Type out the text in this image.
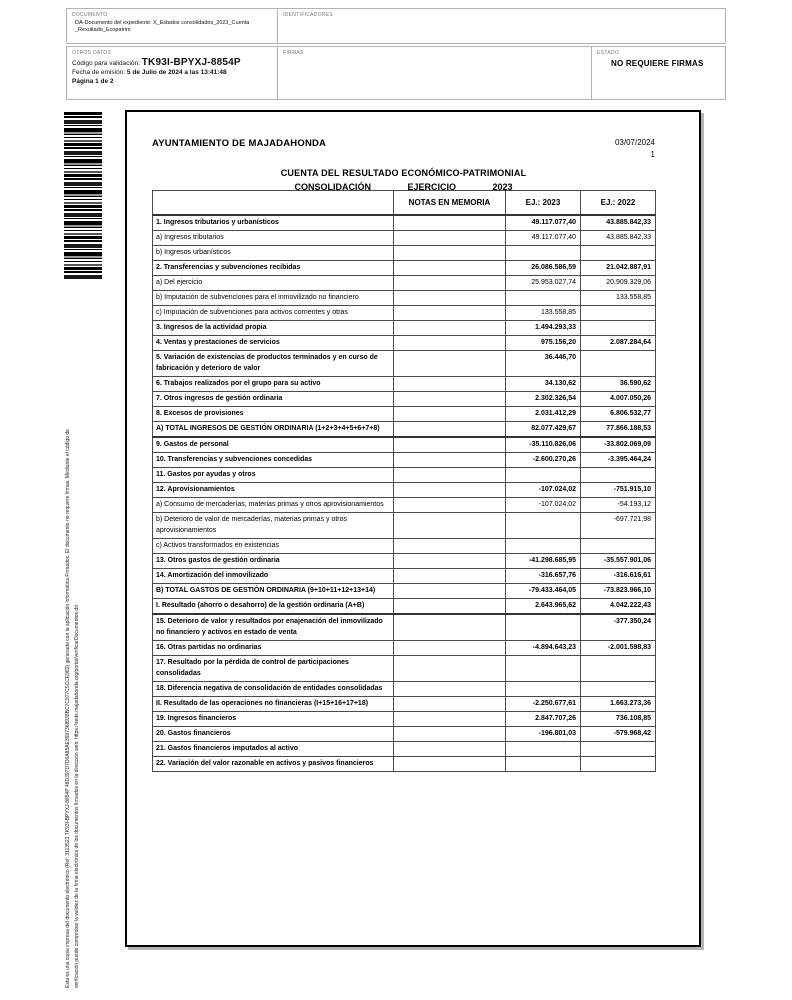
DOCUMENTO
DA-Documento del expediente: X_Estados consolidados_2023_Cuenta _Resultado_Ecopatrim
IDENTIFICADORES
OTROS DATOS
Código para validación: TK93I-BPYXJ-8854P
Fecha de emisión: 5 de Julio de 2024 a las 13:41:48
Página 1 de 2
FIRMAS	ESTADO
NO REQUIERE FIRMAS
Esta es una copia impresa del documento electrónico (Ref: 3113523 TK93I-BPYXJ-8854P 48D397D7D6A88AE3597368938BC7C977C5CCE982) generada con la aplicación informática Firmadoc. El documento no requiere firmas. Mediante el código de verificación puede comprobar la validez de la firma electrónica de los documentos firmados en la dirección web: https://sede.majadahonda.org/portal/verificarDocumentos.do
AYUNTAMIENTO DE MAJADAHONDA	03/07/2024
1
CUENTA DEL RESULTADO ECONÓMICO-PATRIMONIAL
CONSOLIDACIÓN	EJERCICIO	2023
	NOTAS EN MEMORIA	EJ.: 2023	EJ.: 2022
1. Ingresos tributarios y urbanísticos		49.117.077,40	43.885.842,33
a) Ingresos tributarios		49.117.077,40	43.885.842,33
b) Ingresos urbanísticos			
2. Transferencias y subvenciones recibidas		26.086.586,59	21.042.887,91
a) Del ejercicio		25.953.027,74	20.909.329,06
b) Imputación de subvenciones para el inmovilizado no financiero			133.558,85
c) Imputación de subvenciones para activos corrientes y otras		133.558,85	
3. Ingresos de la actividad propia		1.494.293,33	
4. Ventas y prestaciones de servicios		975.156,20	2.087.284,64
5. Variación de existencias de productos terminados y en curso de fabricación y deterioro de valor		36.446,70	
6. Trabajos realizados por el grupo para su activo		34.130,62	36.590,62
7. Otros ingresos de gestión ordinaria		2.302.326,54	4.007.050,26
8. Excesos de provisiones		2.031.412,29	6.806.532,77
A) TOTAL INGRESOS DE GESTIÓN ORDINARIA (1+2+3+4+5+6+7+8)		82.077.429,67	77.866.188,53
9. Gastos de personal		-35.110.826,06	-33.802.069,09
10. Transferencias y subvenciones concedidas		-2.600.270,26	-3.395.464,24
11. Gastos por ayudas y otros			
12. Aprovisionamientos		-107.024,02	-751.915,10
a) Consumo de mercaderías, materias primas y otros aprovisionamientos		-107.024,02	-54.193,12
b) Deterioro de valor de mercaderías, materias primas y otros aprovisionamientos			-697.721,98
c) Activos transformados en existencias			
13. Otros gastos de gestión ordinaria		-41.298.685,95	-35.557.901,06
14. Amortización del inmovilizado		-316.657,76	-316.616,61
B) TOTAL GASTOS DE GESTIÓN ORDINARIA (9+10+11+12+13+14)		-79.433.464,05	-73.823.966,10
I. Resultado (ahorro o desahorro) de la gestión ordinaria (A+B)		2.643.965,62	4.042.222,43
15. Deterioro de valor y resultados por enajenación del inmovilizado no financiero y activos en estado de venta			-377.350,24
16. Otras partidas no ordinarias		-4.894.643,23	-2.001.598,83
17. Resultado por la pérdida de control de participaciones consolidadas			
18. Diferencia negativa de consolidación de entidades consolidadas			
II. Resultado de las operaciones no financieras (I+15+16+17+18)		-2.250.677,61	1.663.273,36
19. Ingresos financieros		2.847.707,26	736.108,85
20. Gastos financieros		-196.801,03	-579.968,42
21. Gastos financieros imputados al activo			
22. Variación del valor razonable en activos y pasivos financieros			
